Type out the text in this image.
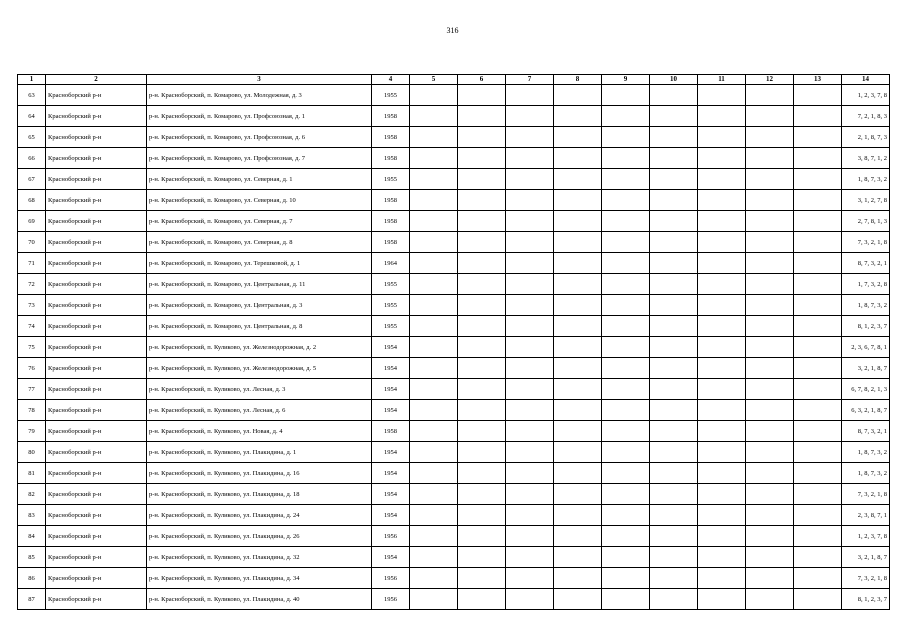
316
1	2	3	4	5	6	7	8	9	10	11	12	13	14
63	Красноборский р-н	р-н. Красноборский, п. Комарово, ул. Молодежная, д. 3	1955										1, 2, 3, 7, 8
64	Красноборский р-н	р-н. Красноборский, п. Комарово, ул. Профсоюзная, д. 1	1958										7, 2, 1, 8, 3
65	Красноборский р-н	р-н. Красноборский, п. Комарово, ул. Профсоюзная, д. 6	1958										2, 1, 8, 7, 3
66	Красноборский р-н	р-н. Красноборский, п. Комарово, ул. Профсоюзная, д. 7	1958										3, 8, 7, 1, 2
67	Красноборский р-н	р-н. Красноборский, п. Комарово, ул. Северная, д. 1	1955										1, 8, 7, 3, 2
68	Красноборский р-н	р-н. Красноборский, п. Комарово, ул. Северная, д. 10	1958										3, 1, 2, 7, 8
69	Красноборский р-н	р-н. Красноборский, п. Комарово, ул. Северная, д. 7	1958										2, 7, 8, 1, 3
70	Красноборский р-н	р-н. Красноборский, п. Комарово, ул. Северная, д. 8	1958										7, 3, 2, 1, 8
71	Красноборский р-н	р-н. Красноборский, п. Комарово, ул. Терешковой, д. 1	1964										8, 7, 3, 2, 1
72	Красноборский р-н	р-н. Красноборский, п. Комарово, ул. Центральная, д. 11	1955										1, 7, 3, 2, 8
73	Красноборский р-н	р-н. Красноборский, п. Комарово, ул. Центральная, д. 3	1955										1, 8, 7, 3, 2
74	Красноборский р-н	р-н. Красноборский, п. Комарово, ул. Центральная, д. 8	1955										8, 1, 2, 3, 7
75	Красноборский р-н	р-н. Красноборский, п. Куликово, ул. Железнодорожная, д. 2	1954										2, 3, 6, 7, 8, 1
76	Красноборский р-н	р-н. Красноборский, п. Куликово, ул. Железнодорожная, д. 5	1954										3, 2, 1, 8, 7
77	Красноборский р-н	р-н. Красноборский, п. Куликово, ул. Лесная, д. 3	1954										6, 7, 8, 2, 1, 3
78	Красноборский р-н	р-н. Красноборский, п. Куликово, ул. Лесная, д. 6	1954										6, 3, 2, 1, 8, 7
79	Красноборский р-н	р-н. Красноборский, п. Куликово, ул. Новая, д. 4	1958										8, 7, 3, 2, 1
80	Красноборский р-н	р-н. Красноборский, п. Куликово, ул. Плакидина, д. 1	1954										1, 8, 7, 3, 2
81	Красноборский р-н	р-н. Красноборский, п. Куликово, ул. Плакидина, д. 16	1954										1, 8, 7, 3, 2
82	Красноборский р-н	р-н. Красноборский, п. Куликово, ул. Плакидина, д. 18	1954										7, 3, 2, 1, 8
83	Красноборский р-н	р-н. Красноборский, п. Куликово, ул. Плакидина, д. 24	1954										2, 3, 8, 7, 1
84	Красноборский р-н	р-н. Красноборский, п. Куликово, ул. Плакидина, д. 26	1956										1, 2, 3, 7, 8
85	Красноборский р-н	р-н. Красноборский, п. Куликово, ул. Плакидина, д. 32	1954										3, 2, 1, 8, 7
86	Красноборский р-н	р-н. Красноборский, п. Куликово, ул. Плакидина, д. 34	1956										7, 3, 2, 1, 8
87	Красноборский р-н	р-н. Красноборский, п. Куликово, ул. Плакидина, д. 40	1956										8, 1, 2, 3, 7
